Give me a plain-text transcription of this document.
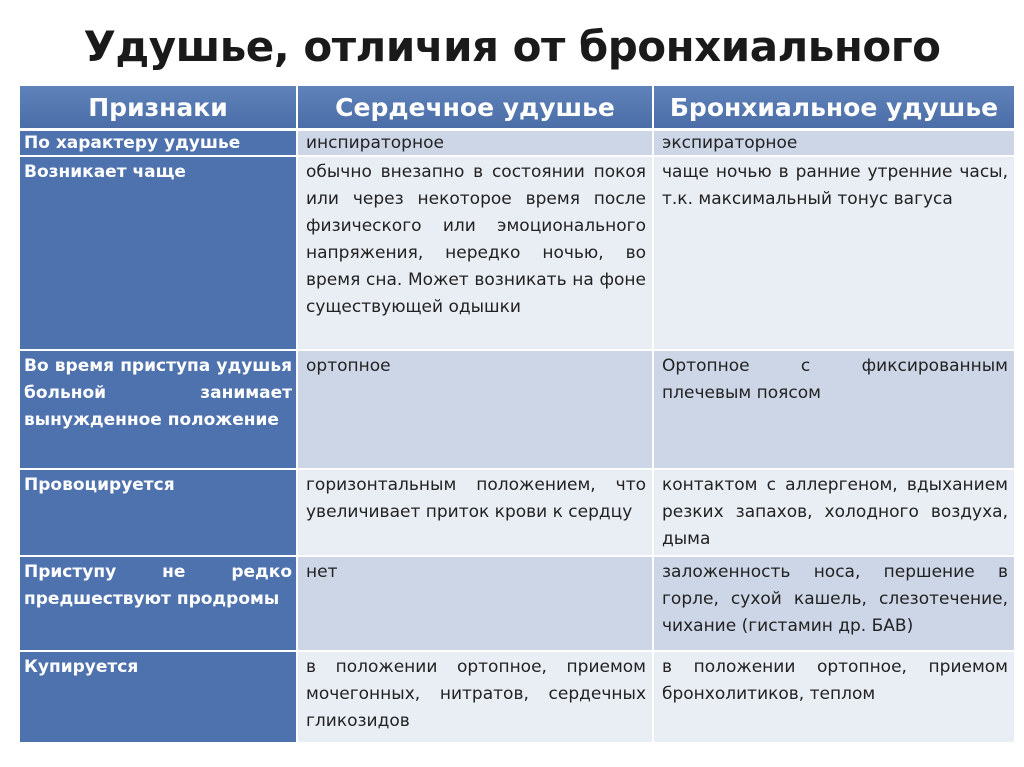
Удушье, отличия от бронхиального
Признаки	Сердечное удушье	Бронхиальное удушье
По характеру удушье	инспираторное	экспираторное
Возникает чаще	обычно внезапно в состоянии покоя или через некоторое время после физического или эмоционального напряжения, нередко ночью, во время сна. Может возникать на фоне существующей одышки	чаще ночью в ранние утренние часы, т.к. максимальный тонус вагуса
Во время приступа удушья больной занимает вынужденное положение	ортопное	Ортопное с фиксированным плечевым поясом
Провоцируется	горизонтальным положением, что увеличивает приток крови к сердцу	контактом с аллергеном, вдыханием резких запахов, холодного воздуха, дыма
Приступу не редко предшествуют продромы	нет	заложенность носа, першение в горле, сухой кашель, слезотечение, чихание (гистамин др. БАВ)
Купируется	в положении ортопное, приемом мочегонных, нитратов, сердечных гликозидов	в положении ортопное, приемом бронхолитиков, теплом
